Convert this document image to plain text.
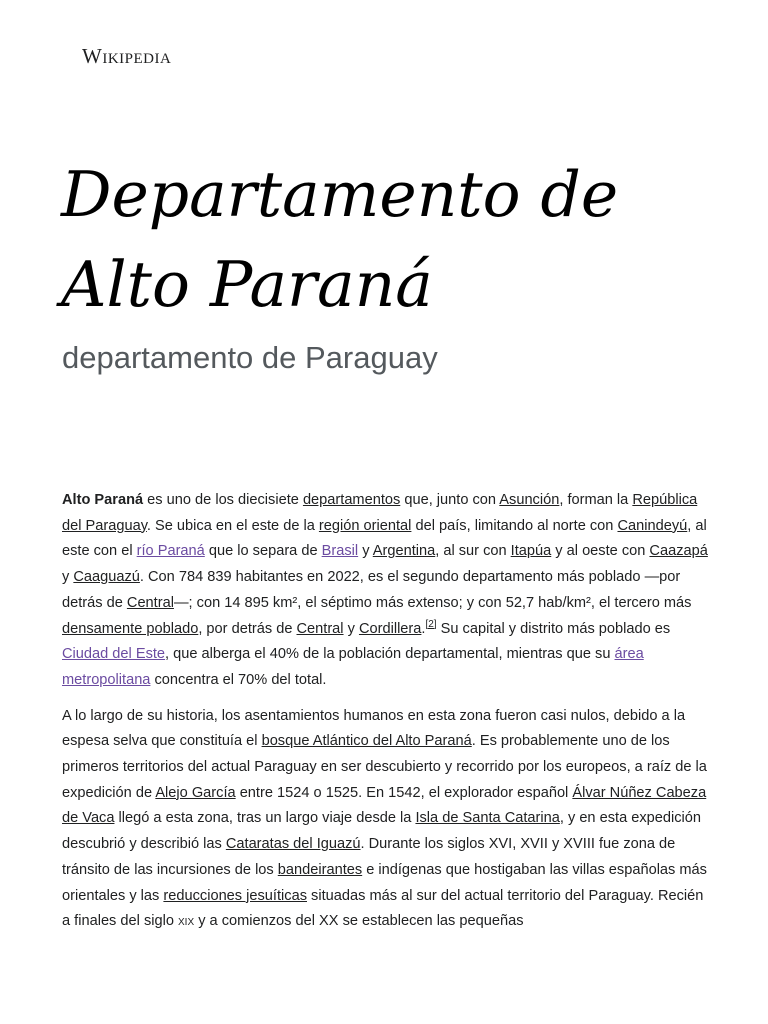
Wikipedia
Departamento de Alto Paraná
departamento de Paraguay

Alto Paraná es uno de los diecisiete departamentos que, junto con Asunción, forman la República del Paraguay. Se ubica en el este de la región oriental del país, limitando al norte con Canindeyú, al este con el río Paraná que lo separa de Brasil y Argentina, al sur con Itapúa y al oeste con Caazapá y Caaguazú. Con 784 839 habitantes en 2022, es el segundo departamento más poblado —por detrás de Central—; con 14 895 km², el séptimo más extenso; y con 52,7 hab/km², el tercero más densamente poblado, por detrás de Central y Cordillera.[2] Su capital y distrito más poblado es Ciudad del Este, que alberga el 40% de la población departamental, mientras que su área metropolitana concentra el 70% del total.

A lo largo de su historia, los asentamientos humanos en esta zona fueron casi nulos, debido a la espesa selva que constituía el bosque Atlántico del Alto Paraná. Es probablemente uno de los primeros territorios del actual Paraguay en ser descubierto y recorrido por los europeos, a raíz de la expedición de Alejo García entre 1524 o 1525. En 1542, el explorador español Álvar Núñez Cabeza de Vaca llegó a esta zona, tras un largo viaje desde la Isla de Santa Catarina, y en esta expedición descubrió y describió las Cataratas del Iguazú. Durante los siglos XVI, XVII y XVIII fue zona de tránsito de las incursiones de los bandeirantes e indígenas que hostigaban las villas españolas más orientales y las reducciones jesuíticas situadas más al sur del actual territorio del Paraguay. Recién a finales del siglo xix y a comienzos del XX se establecen las pequeñas
